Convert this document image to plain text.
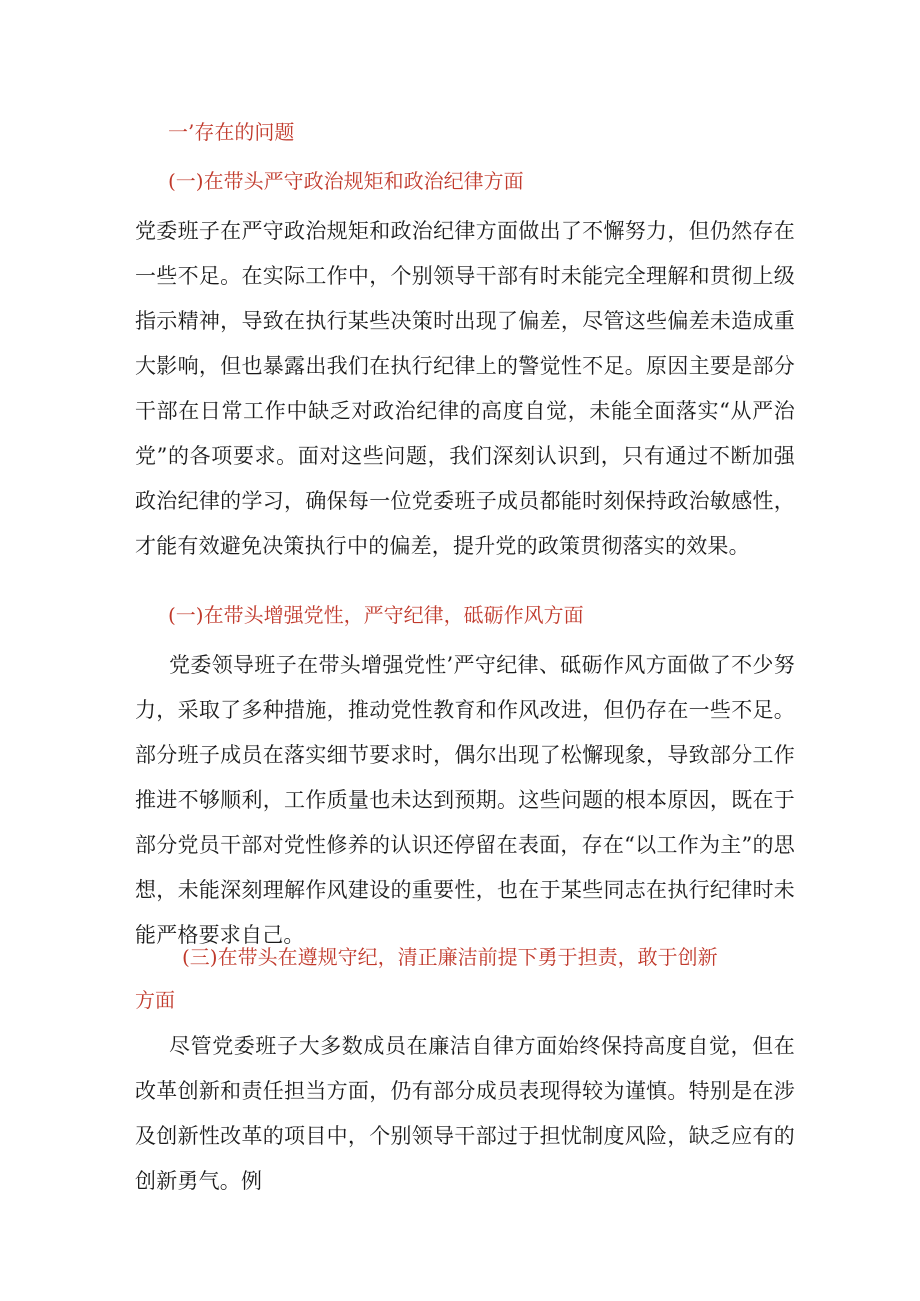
一’存在的问题
(一)在带头严守政治规矩和政治纪律方面
党委班子在严守政治规矩和政治纪律方面做出了不懈努力，但仍然存在一些不足。在实际工作中，个别领导干部有时未能完全理解和贯彻上级指示精神，导致在执行某些决策时出现了偏差，尽管这些偏差未造成重大影响，但也暴露出我们在执行纪律上的警觉性不足。原因主要是部分干部在日常工作中缺乏对政治纪律的高度自觉，未能全面落实“从严治党”的各项要求。面对这些问题，我们深刻认识到，只有通过不断加强政治纪律的学习，确保每一位党委班子成员都能时刻保持政治敏感性，才能有效避免决策执行中的偏差，提升党的政策贯彻落实的效果。
(一)在带头增强党性，严守纪律，砥砺作风方面
党委领导班子在带头增强党性’严守纪律、砥砺作风方面做了不少努力，采取了多种措施，推动党性教育和作风改进，但仍存在一些不足。部分班子成员在落实细节要求时，偶尔出现了松懈现象，导致部分工作推进不够顺利，工作质量也未达到预期。这些问题的根本原因，既在于部分党员干部对党性修养的认识还停留在表面，存在“以工作为主”的思想，未能深刻理解作风建设的重要性，也在于某些同志在执行纪律时未能严格要求自己。
(三)在带头在遵规守纪，清正廉洁前提下勇于担责，敢于创新
方面
尽管党委班子大多数成员在廉洁自律方面始终保持高度自觉，但在改革创新和责任担当方面，仍有部分成员表现得较为谨慎。特别是在涉及创新性改革的项目中，个别领导干部过于担忧制度风险，缺乏应有的创新勇气。例
